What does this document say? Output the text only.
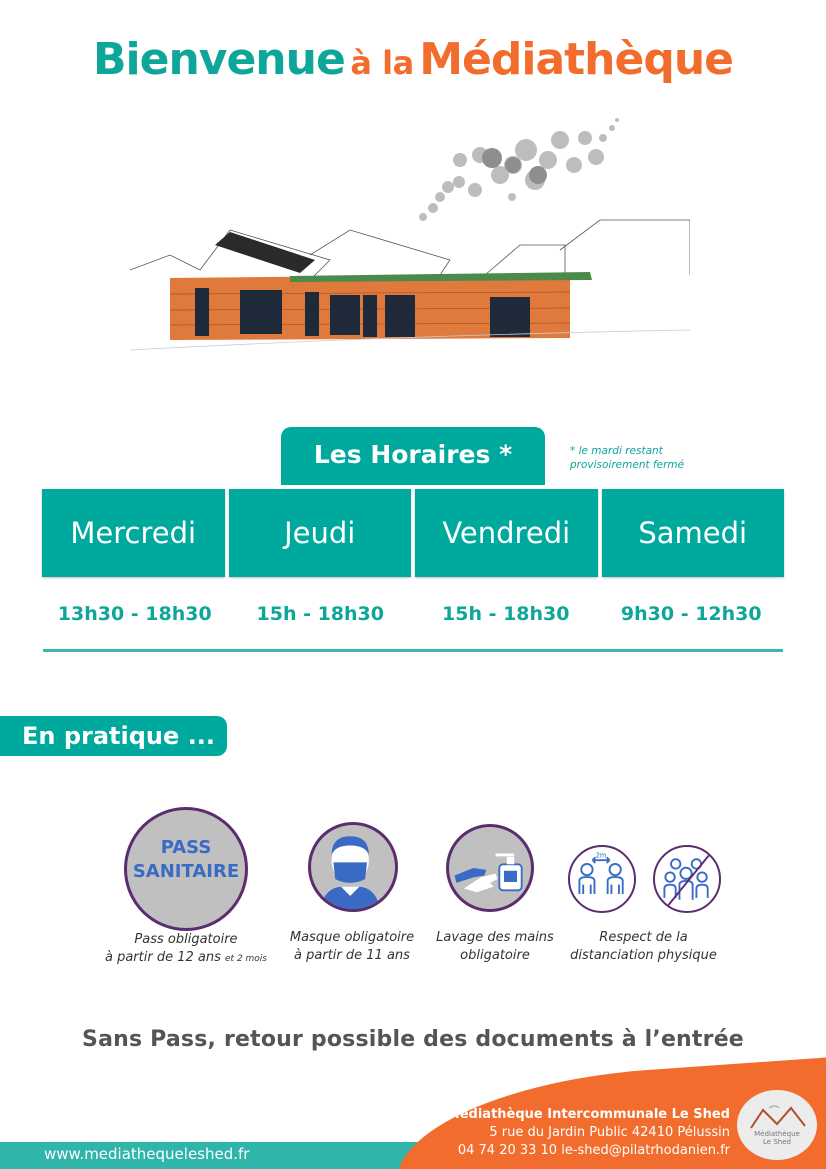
Bienvenue à la Médiathèque
Les Horaires *	* le mardi restant
provisoirement fermé
Mercredi	Jeudi	Vendredi	Samedi
13h30 - 18h30	15h - 18h30	15h - 18h30	9h30 - 12h30
En pratique ...
PASS
SANITAIRE
2m
Pass obligatoire
à partir de 12 ans et 2 mois
Masque obligatoire
à partir de 11 ans
Lavage des mains
obligatoire
Respect de la
distanciation physique
Sans Pass, retour possible des documents à l’entrée
www.mediathequeleshed.fr
Médiathèque Intercommunale Le Shed
5 rue du Jardin Public 42410 Pélussin
04 74 20 33 10 le-shed@pilatrhodanien.fr
Médiathèque
Le Shed
